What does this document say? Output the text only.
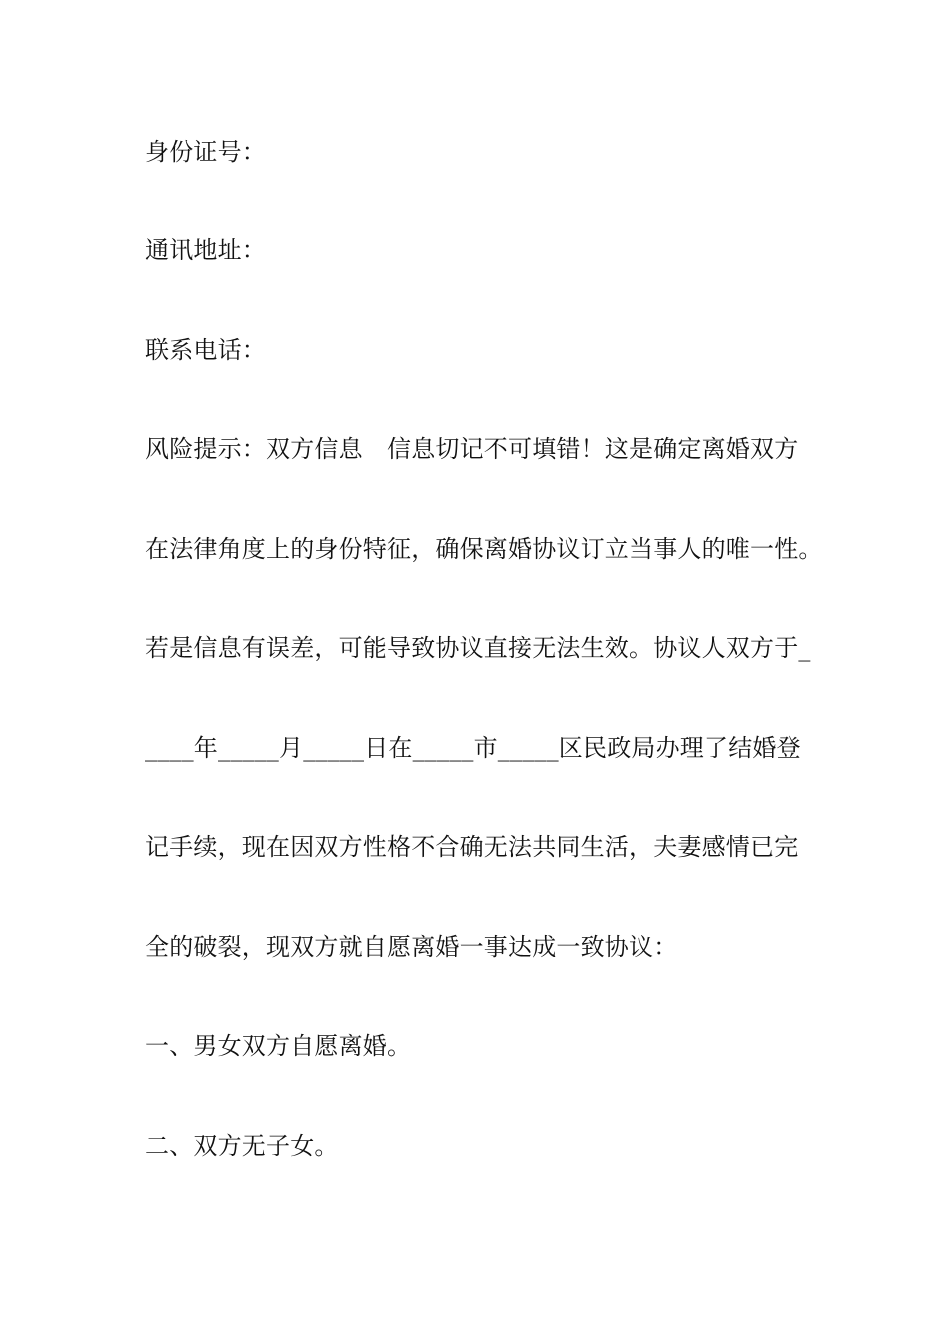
身份证号：
通讯地址：
联系电话：
风险提示：双方信息　信息切记不可填错！这是确定离婚双方
在法律角度上的身份特征，确保离婚协议订立当事人的唯一性。
若是信息有误差，可能导致协议直接无法生效。协议人双方于_
____年_____月_____日在_____市_____区民政局办理了结婚登
记手续，现在因双方性格不合确无法共同生活，夫妻感情已完
全的破裂，现双方就自愿离婚一事达成一致协议：
一、男女双方自愿离婚。
二、双方无子女。
